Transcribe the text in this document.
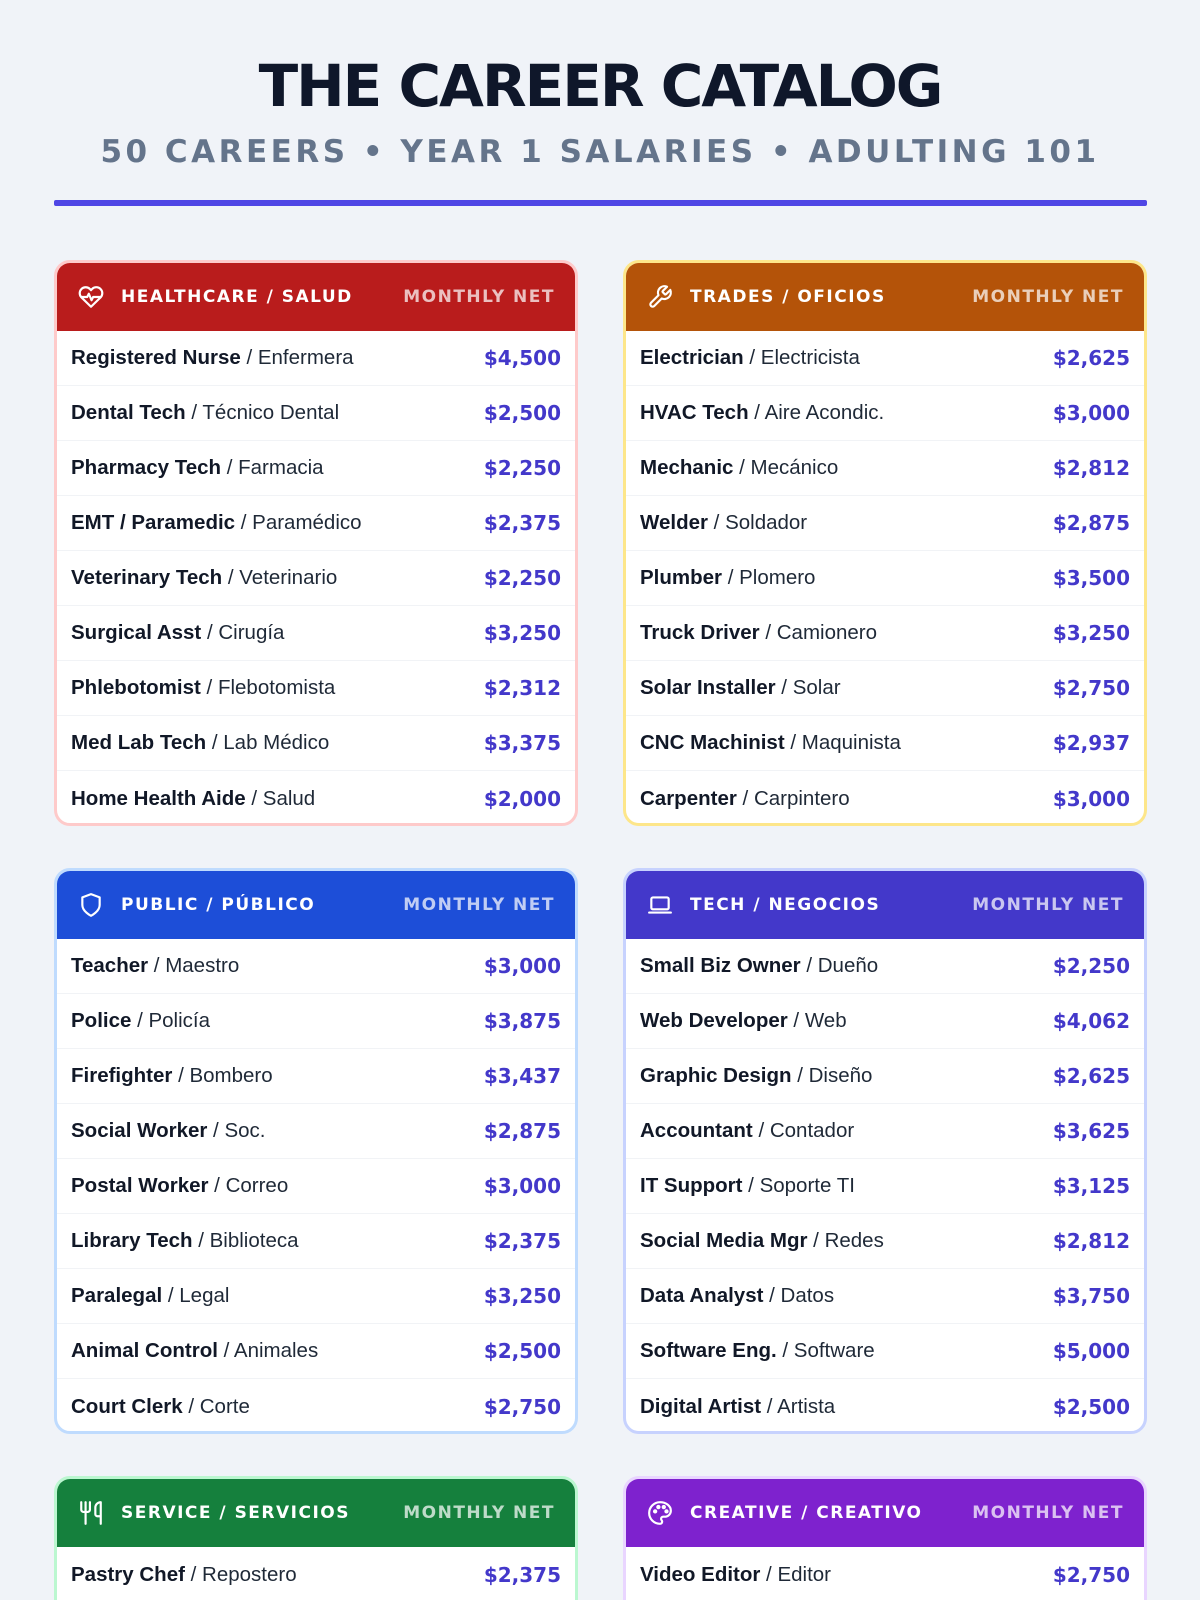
THE CAREER CATALOG
50 CAREERS • YEAR 1 SALARIES • ADULTING 101
HEALTHCARE / SALUD	MONTHLY NET
Registered Nurse / Enfermera	$4,500
Dental Tech / Técnico Dental	$2,500
Pharmacy Tech / Farmacia	$2,250
EMT / Paramedic / Paramédico	$2,375
Veterinary Tech / Veterinario	$2,250
Surgical Asst / Cirugía	$3,250
Phlebotomist / Flebotomista	$2,312
Med Lab Tech / Lab Médico	$3,375
Home Health Aide / Salud	$2,000
TRADES / OFICIOS	MONTHLY NET
Electrician / Electricista	$2,625
HVAC Tech / Aire Acondic.	$3,000
Mechanic / Mecánico	$2,812
Welder / Soldador	$2,875
Plumber / Plomero	$3,500
Truck Driver / Camionero	$3,250
Solar Installer / Solar	$2,750
CNC Machinist / Maquinista	$2,937
Carpenter / Carpintero	$3,000
PUBLIC / PÚBLICO	MONTHLY NET
Teacher / Maestro	$3,000
Police / Policía	$3,875
Firefighter / Bombero	$3,437
Social Worker / Soc.	$2,875
Postal Worker / Correo	$3,000
Library Tech / Biblioteca	$2,375
Paralegal / Legal	$3,250
Animal Control / Animales	$2,500
Court Clerk / Corte	$2,750
TECH / NEGOCIOS	MONTHLY NET
Small Biz Owner / Dueño	$2,250
Web Developer / Web	$4,062
Graphic Design / Diseño	$2,625
Accountant / Contador	$3,625
IT Support / Soporte TI	$3,125
Social Media Mgr / Redes	$2,812
Data Analyst / Datos	$3,750
Software Eng. / Software	$5,000
Digital Artist / Artista	$2,500
SERVICE / SERVICIOS	MONTHLY NET
Pastry Chef / Repostero	$2,375
CREATIVE / CREATIVO	MONTHLY NET
Video Editor / Editor	$2,750
